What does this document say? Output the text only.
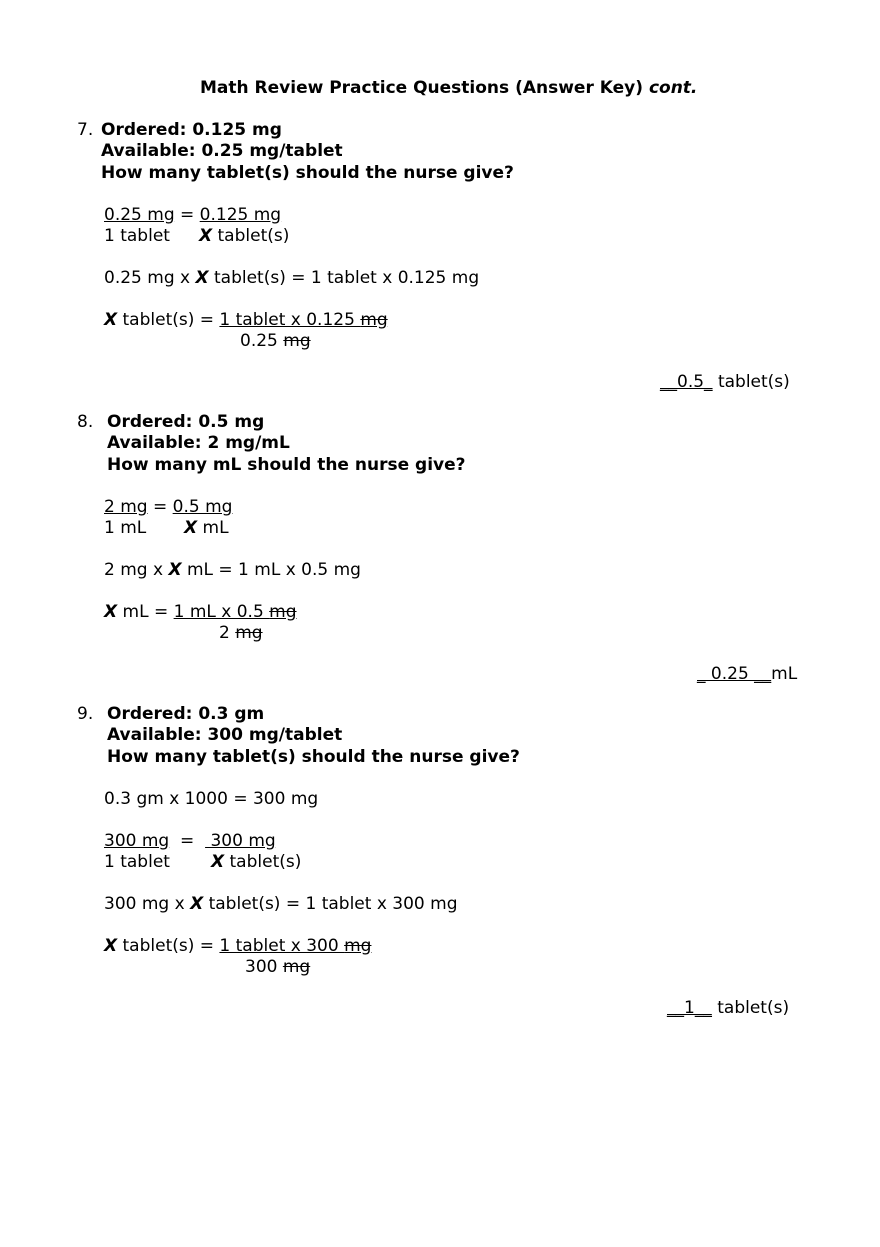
Math Review Practice Questions (Answer Key) cont.
7. Ordered: 0.125 mg
Available: 0.25 mg/tablet
How many tablet(s) should the nurse give?
0.25 mg = 0.125 mg
1 tablet X tablet(s)
0.25 mg x X tablet(s) = 1 tablet x 0.125 mg
X tablet(s) = 1 tablet x 0.125 mg
0.25 mg
__0.5_ tablet(s)
8. Ordered: 0.5 mg
Available: 2 mg/mL
How many mL should the nurse give?
2 mg = 0.5 mg
1 mL X mL
2 mg x X mL = 1 mL x 0.5 mg
X mL = 1 mL x 0.5 mg
2 mg
_ 0.25 __mL
9. Ordered: 0.3 gm
Available: 300 mg/tablet
How many tablet(s) should the nurse give?
0.3 gm x 1000 = 300 mg
300 mg  =   300 mg
1 tablet X tablet(s)
300 mg x X tablet(s) = 1 tablet x 300 mg
X tablet(s) = 1 tablet x 300 mg
300 mg
__1__ tablet(s)
